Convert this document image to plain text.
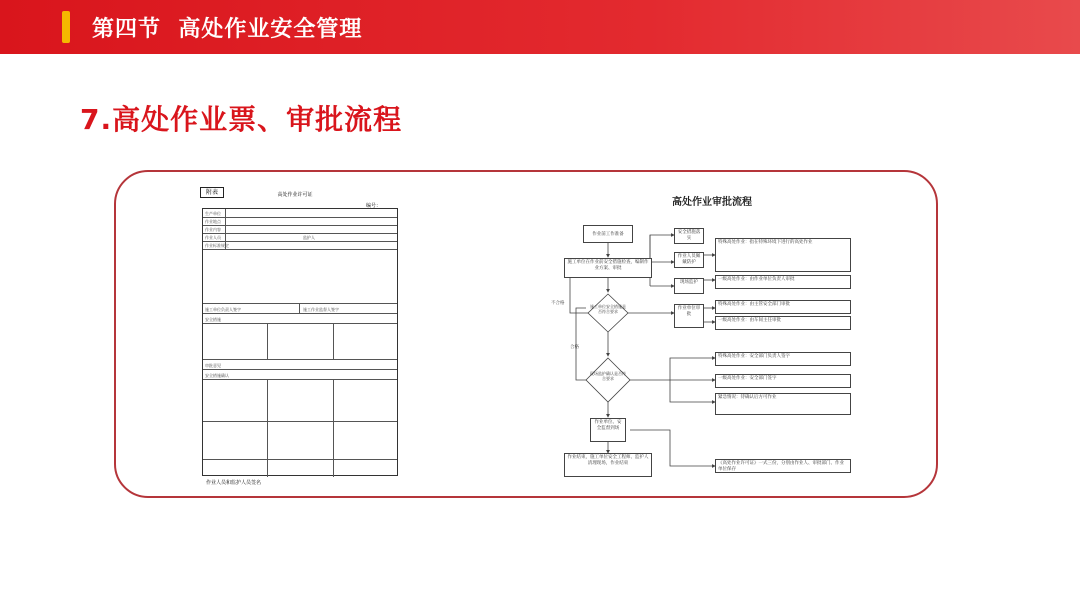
第四节  高处作业安全管理
7.高处作业票、审批流程
附表	高处作业许可证
编号：
生产单位
作业地点
作业内容
作业人员	监护人
作业标准规定
施工单位负责人签字	施工作业监督人签字
安全措施
审批意见
安全措施确认
作业人员和监护人员签名
高处作业审批流程
作业前工作准备
施工单位在作业前安全措施检查，编制作业方案、审批
施工单位安全措施是否符合要求
安全措施落实
作业人员佩戴防护
现场监护
作业单位审批
特殊高处作业：指在特殊环境下进行的高处作业
一级高处作业：由作业单位负责人审批
特殊高处作业：由主管安全部门审批
一级高处作业：由车间主任审批
现场监护确认是否符合要求
特殊高处作业：安全部门负责人签字
一级高处作业：安全部门签字
紧急情况：待确认后方可作业
不合格
合格
作业单位、安全监督到场
作业结束，施工单位安全工程师、监护人清理现场，作业结束	《高处作业许可证》一式三份，分别由作业人、审批部门、作业单位保存
